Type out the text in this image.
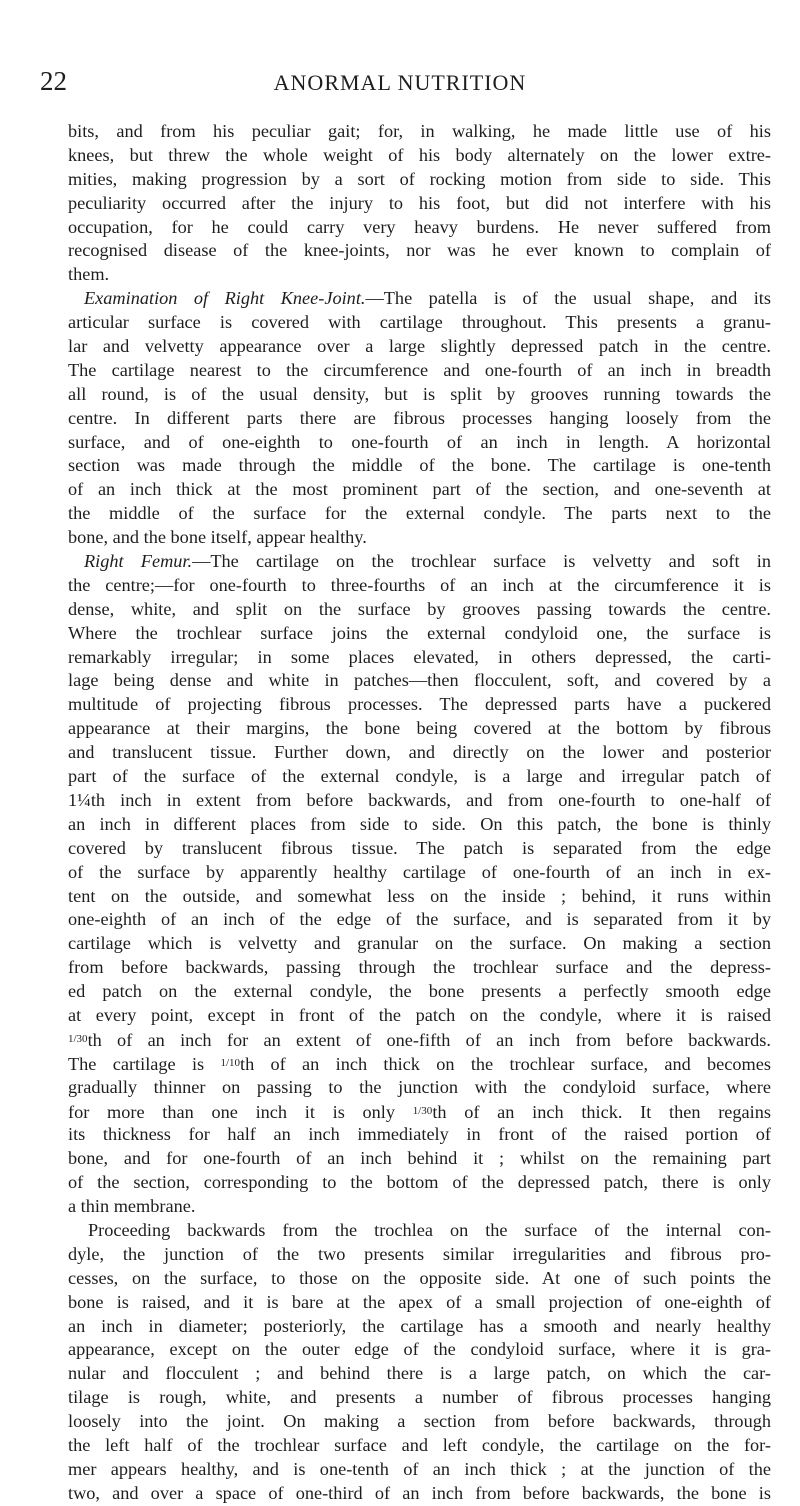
22	ANORMAL NUTRITION
bits, and from his peculiar gait; for, in walking, he made little use of his
knees, but threw the whole weight of his body alternately on the lower extre-
mities, making progression by a sort of rocking motion from side to side. This
peculiarity occurred after the injury to his foot, but did not interfere with his
occupation, for he could carry very heavy burdens. He never suffered from
recognised disease of the knee-joints, nor was he ever known to complain of
them.
Examination of Right Knee-Joint.—The patella is of the usual shape, and its
articular surface is covered with cartilage throughout. This presents a granu-
lar and velvetty appearance over a large slightly depressed patch in the centre.
The cartilage nearest to the circumference and one-fourth of an inch in breadth
all round, is of the usual density, but is split by grooves running towards the
centre. In different parts there are fibrous processes hanging loosely from the
surface, and of one-eighth to one-fourth of an inch in length. A horizontal
section was made through the middle of the bone. The cartilage is one-tenth
of an inch thick at the most prominent part of the section, and one-seventh at
the middle of the surface for the external condyle. The parts next to the
bone, and the bone itself, appear healthy.
Right Femur.—The cartilage on the trochlear surface is velvetty and soft in
the centre;—for one-fourth to three-fourths of an inch at the circumference it is
dense, white, and split on the surface by grooves passing towards the centre.
Where the trochlear surface joins the external condyloid one, the surface is
remarkably irregular; in some places elevated, in others depressed, the carti-
lage being dense and white in patches—then flocculent, soft, and covered by a
multitude of projecting fibrous processes. The depressed parts have a puckered
appearance at their margins, the bone being covered at the bottom by fibrous
and translucent tissue. Further down, and directly on the lower and posterior
part of the surface of the external condyle, is a large and irregular patch of
1¼th inch in extent from before backwards, and from one-fourth to one-half of
an inch in different places from side to side. On this patch, the bone is thinly
covered by translucent fibrous tissue. The patch is separated from the edge
of the surface by apparently healthy cartilage of one-fourth of an inch in ex-
tent on the outside, and somewhat less on the inside ; behind, it runs within
one-eighth of an inch of the edge of the surface, and is separated from it by
cartilage which is velvetty and granular on the surface. On making a section
from before backwards, passing through the trochlear surface and the depress-
ed patch on the external condyle, the bone presents a perfectly smooth edge
at every point, except in front of the patch on the condyle, where it is raised
$^{1/30}$th of an inch for an extent of one-fifth of an inch from before backwards.
The cartilage is $^{1/10}$th of an inch thick on the trochlear surface, and becomes
gradually thinner on passing to the junction with the condyloid surface, where
for more than one inch it is only $^{1/30}$th of an inch thick. It then regains
its thickness for half an inch immediately in front of the raised portion of
bone, and for one-fourth of an inch behind it ; whilst on the remaining part
of the section, corresponding to the bottom of the depressed patch, there is only
a thin membrane.
Proceeding backwards from the trochlea on the surface of the internal con-
dyle, the junction of the two presents similar irregularities and fibrous pro-
cesses, on the surface, to those on the opposite side. At one of such points the
bone is raised, and it is bare at the apex of a small projection of one-eighth of
an inch in diameter; posteriorly, the cartilage has a smooth and nearly healthy
appearance, except on the outer edge of the condyloid surface, where it is gra-
nular and flocculent ; and behind there is a large patch, on which the car-
tilage is rough, white, and presents a number of fibrous processes hanging
loosely into the joint. On making a section from before backwards, through
the left half of the trochlear surface and left condyle, the cartilage on the for-
mer appears healthy, and is one-tenth of an inch thick ; at the junction of the
two, and over a space of one-third of an inch from before backwards, the bone is
